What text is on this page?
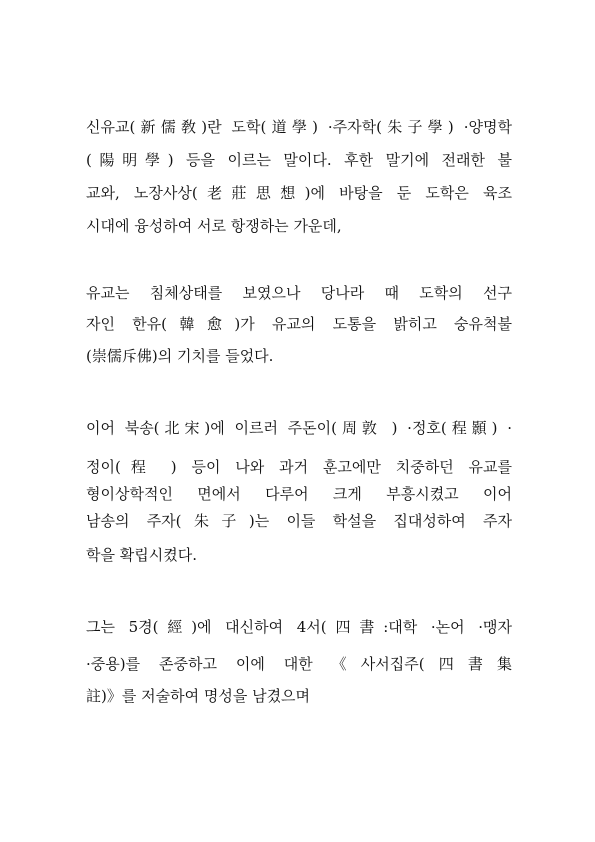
신유교(新儒敎)란 도학(道學) ·주자학(朱子學) ·양명학
(陽明學) 등을 이르는 말이다. 후한 말기에 전래한 불
교와, 노장사상(老莊思想)에 바탕을 둔 도학은 육조
시대에 융성하여 서로 항쟁하는 가운데,
유교는 침체상태를 보였으나 당나라 때 도학의 선구
자인 한유(韓愈)가 유교의 도통을 밝히고 숭유척불
(崇儒斥佛)의 기치를 들었다.
이어 북송(北宋)에 이르러 주돈이(周敦 ) ·정호(程顥) ·
정이(程 ) 등이 나와 과거 훈고에만 치중하던 유교를
형이상학적인 면에서 다루어 크게 부흥시켰고 이어
남송의 주자(朱子)는 이들 학설을 집대성하여 주자
학을 확립시켰다.
그는 5경(經)에 대신하여 4서(四書:대학 ·논어 ·맹자
·중용)를 존중하고 이에 대한 《사서집주(四書集
註)》를 저술하여 명성을 남겼으며
